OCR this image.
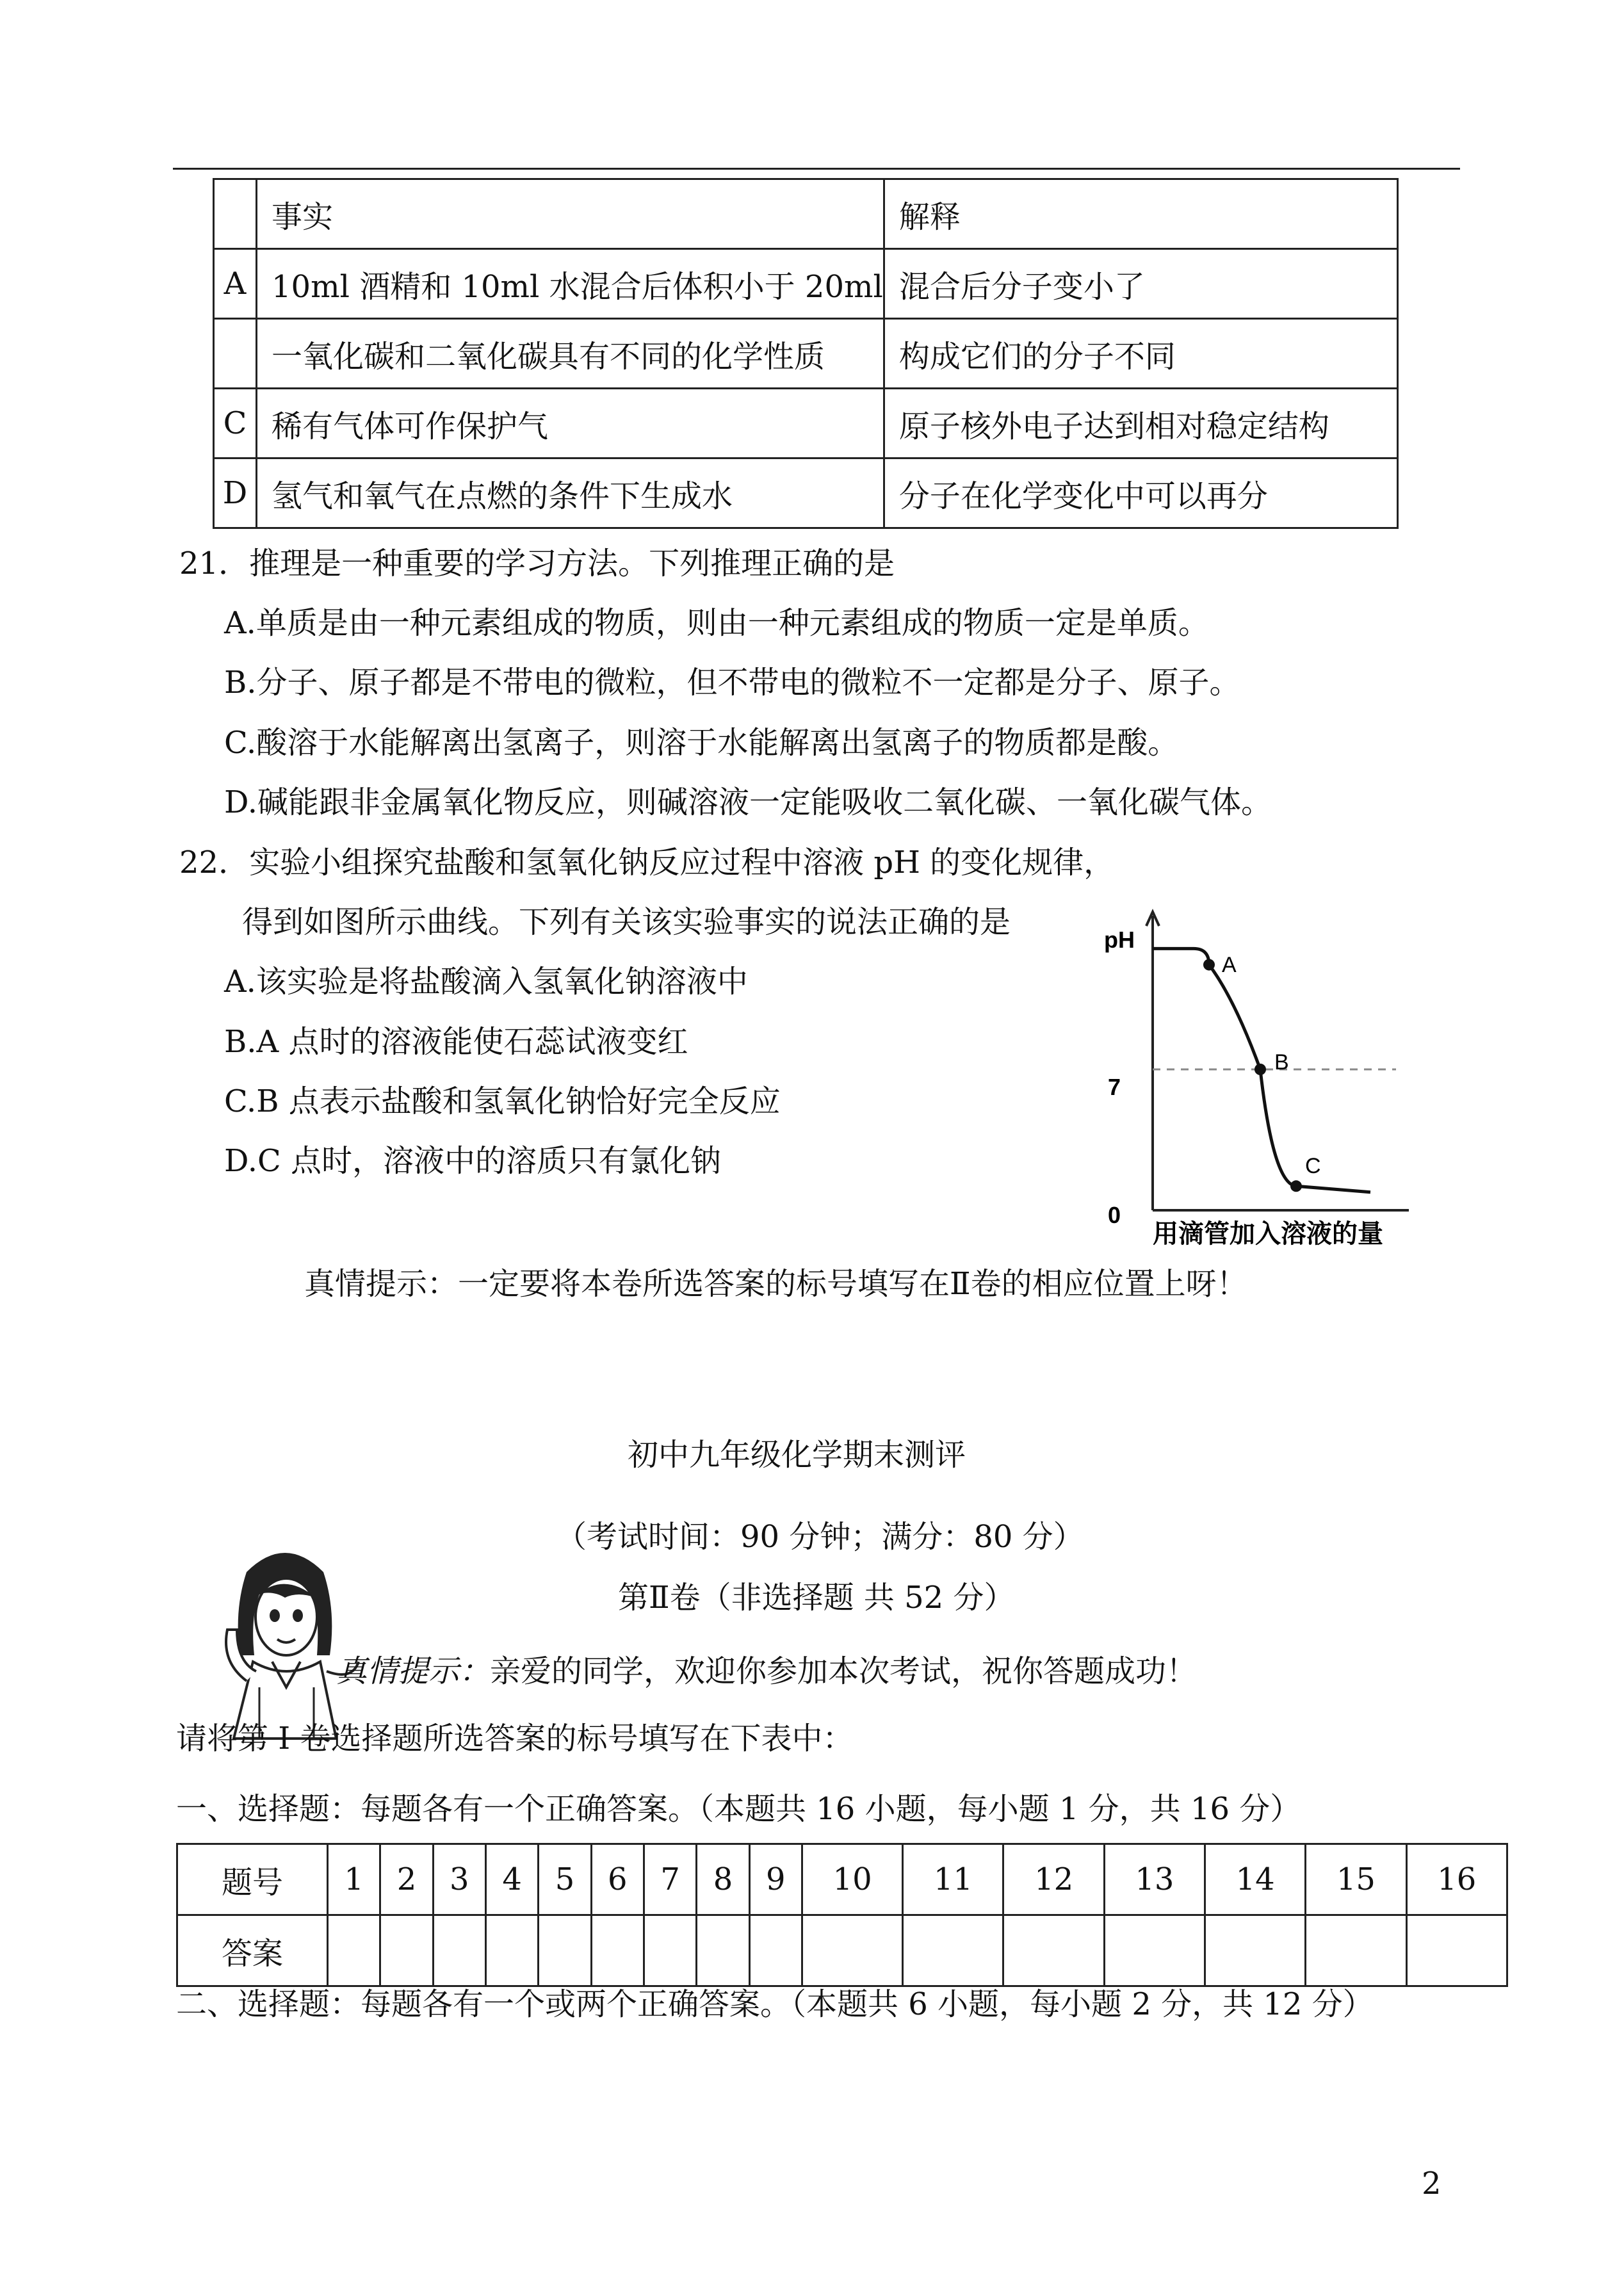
	事实	解释
A	10ml 酒精和 10ml 水混合后体积小于 20ml	混合后分子变小了
	一氧化碳和二氧化碳具有不同的化学性质	构成它们的分子不同
C	稀有气体可作保护气	原子核外电子达到相对稳定结构
D	氢气和氧气在点燃的条件下生成水	分子在化学变化中可以再分
21．推理是一种重要的学习方法。下列推理正确的是
A.单质是由一种元素组成的物质，则由一种元素组成的物质一定是单质。
B.分子、原子都是不带电的微粒，但不带电的微粒不一定都是分子、原子。
C.酸溶于水能解离出氢离子，则溶于水能解离出氢离子的物质都是酸。
D.碱能跟非金属氧化物反应，则碱溶液一定能吸收二氧化碳、一氧化碳气体。
22．实验小组探究盐酸和氢氧化钠反应过程中溶液 pH 的变化规律，
得到如图所示曲线。下列有关该实验事实的说法正确的是
A.该实验是将盐酸滴入氢氧化钠溶液中
B.A 点时的溶液能使石蕊试液变红
C.B 点表示盐酸和氢氧化钠恰好完全反应
D.C 点时，溶液中的溶质只有氯化钠
pH
7
0
用滴管加入溶液的量
A
B
C
真情提示：一定要将本卷所选答案的标号填写在Ⅱ卷的相应位置上呀！
初中九年级化学期末测评
（考试时间：90 分钟；满分：80 分）
第Ⅱ卷（非选择题 共 52 分）
真情提示：亲爱的同学，欢迎你参加本次考试，祝你答题成功！
请将第 I 卷选择题所选答案的标号填写在下表中：
一、选择题：每题各有一个正确答案。（本题共 16 小题，每小题 1 分，共 16 分）
题号	1	2	3	4	5	6	7	8	9	10	11	12	13	14	15	16
答案																
二、选择题：每题各有一个或两个正确答案。（本题共 6 小题，每小题 2 分，共 12 分）
2
